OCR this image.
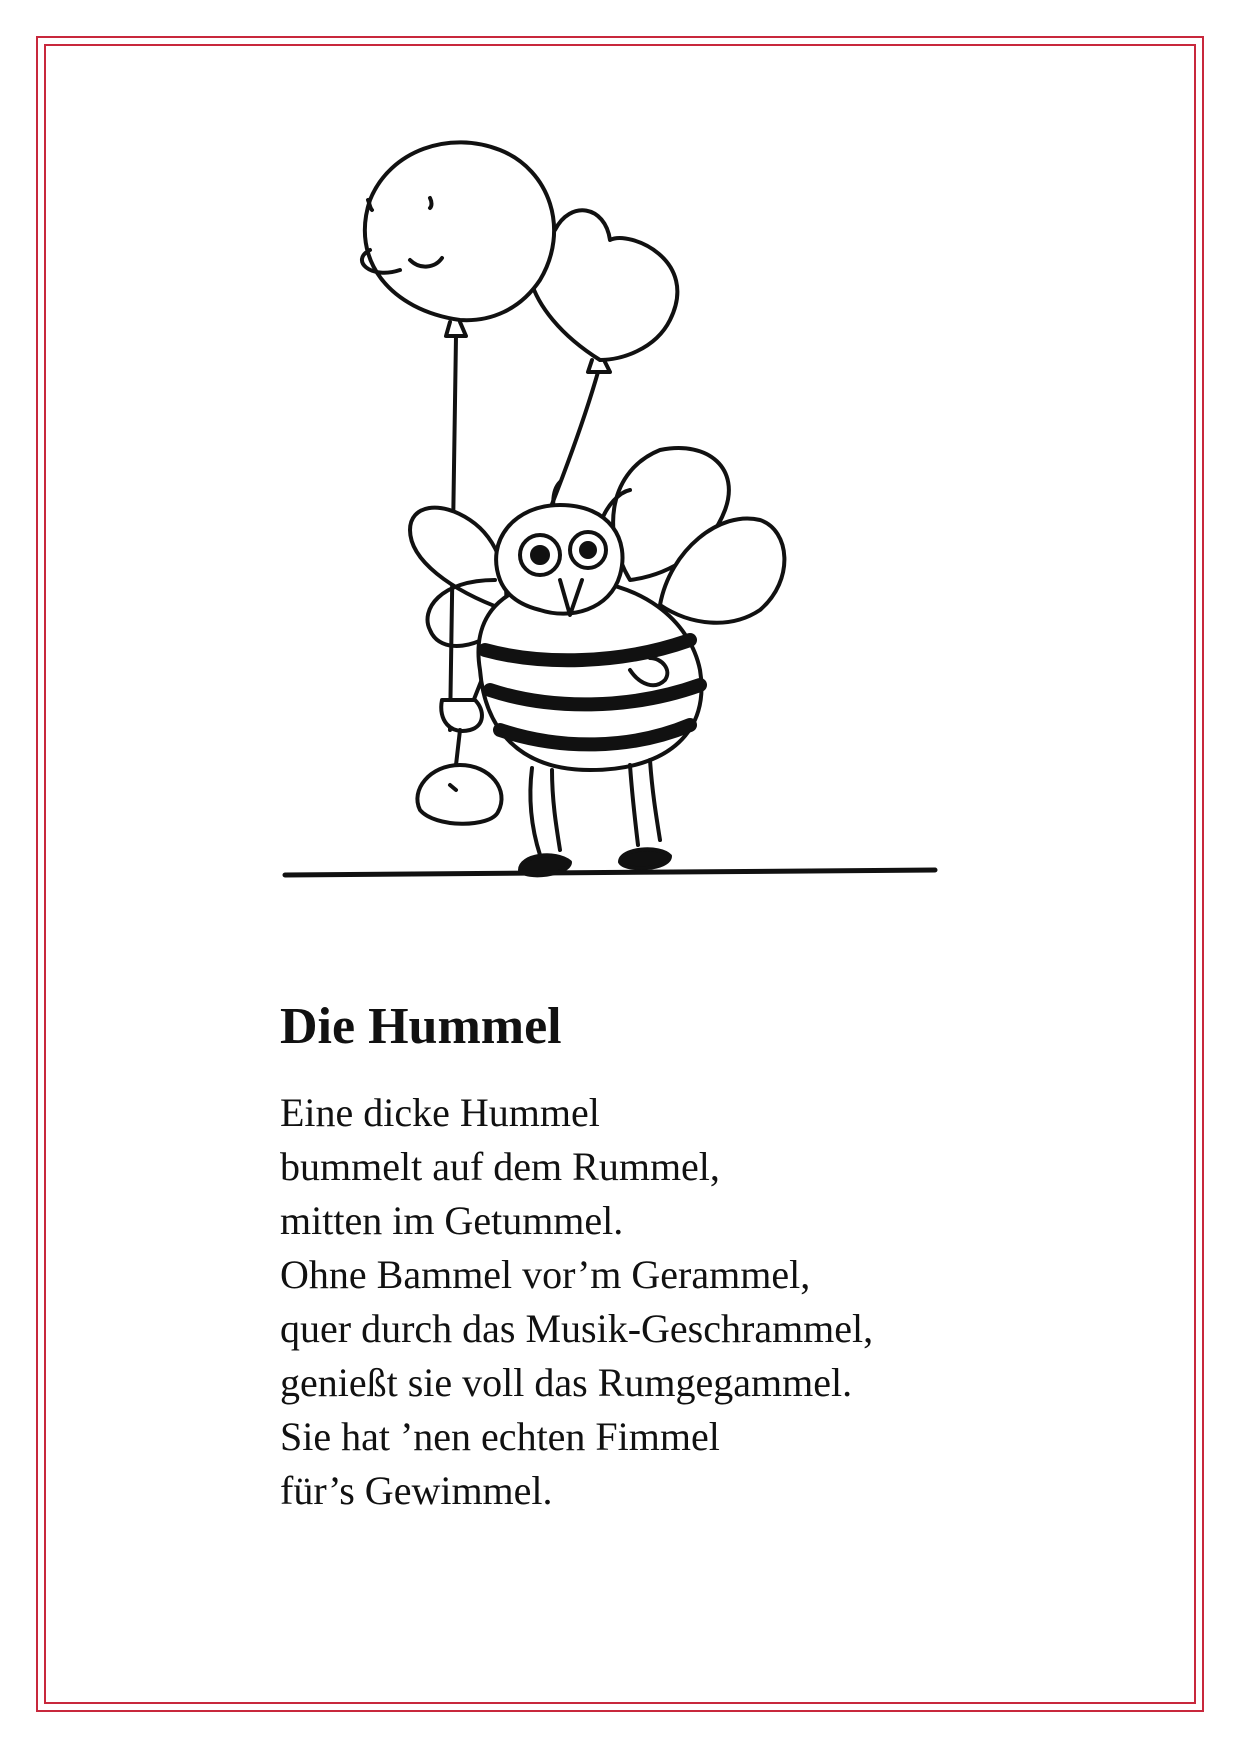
Die Hummel
Eine dicke Hummel
bummelt auf dem Rummel,
mitten im Getummel.
Ohne Bammel vor’m Gerammel,
quer durch das Musik-Geschrammel,
genießt sie voll das Rumgegammel.
Sie hat ’nen echten Fimmel
für’s Gewimmel.
